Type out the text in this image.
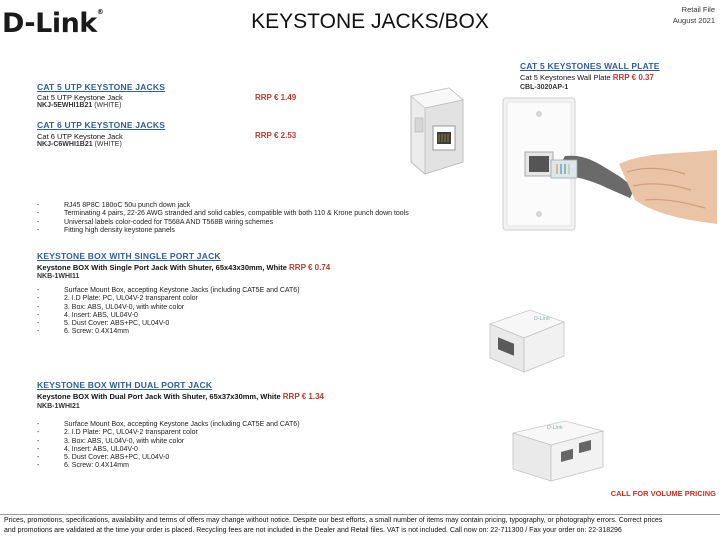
D-Link®	KEYSTONE JACKS/BOX
Retail File
August 2021
CAT 5 UTP KEYSTONE JACKS
Cat 5 UTP Keystone Jack
NKJ-5EWHI1B21 (WHITE)
RRP € 1.49
CAT 6 UTP KEYSTONE JACKS
Cat 6 UTP Keystone Jack
NKJ-C6WHI1B21 (WHITE)
RRP € 2.53
CAT 5 KEYSTONES WALL PLATE
Cat 5 Keystones Wall Plate RRP € 0.37
CBL-3020AP-1
- RJ45 8P8C 180oC 50u punch down jack
- Terminating 4 pairs, 22-26 AWG stranded and solid cables, compatible with both 110 & Krone punch down tools
- Universal labels color-coded for T568A AND T568B wiring schemes
- Fitting high density keystone panels
KEYSTONE BOX WITH SINGLE PORT JACK
Keystone BOX With Single Port Jack With Shuter, 65x43x30mm, White RRP € 0.74
NKB-1WHI11
- Surface Mount Box, accepting Keystone Jacks (including CAT5E and CAT6)
- 2. I.D Plate: PC, UL04V-2 transparent color
- 3. Box: ABS, UL04V-0, with white color
- 4. Insert: ABS, UL04V-0
- 5. Dust Cover: ABS+PC, UL04V-0
- 6. Screw: 0.4X14mm
D-Link
KEYSTONE BOX WITH DUAL PORT JACK
Keystone BOX With Dual Port Jack With Shuter, 65x37x30mm, White RRP € 1.34
NKB-1WHI21
- Surface Mount Box, accepting Keystone Jacks (including CAT5E and CAT6)
- 2. I.D Plate: PC, UL04V-2 transparent color
- 3. Box: ABS, UL04V-0, with white color
- 4. Insert: ABS, UL04V-0
- 5. Dust Cover: ABS+PC, UL04V-0
- 6. Screw: 0.4X14mm
D-Link
CALL FOR VOLUME PRICING
Prices, promotions, specifications, availability and terms of offers may change without notice. Despite our best efforts, a small number of items may contain pricing, typography, or photography errors. Correct prices
and promotions are validated at the time your order is placed. Recycling fees are not included in the Dealer and Retail files. VAT is not included. Call now on: 22-711300 / Fax your order on: 22-318296
